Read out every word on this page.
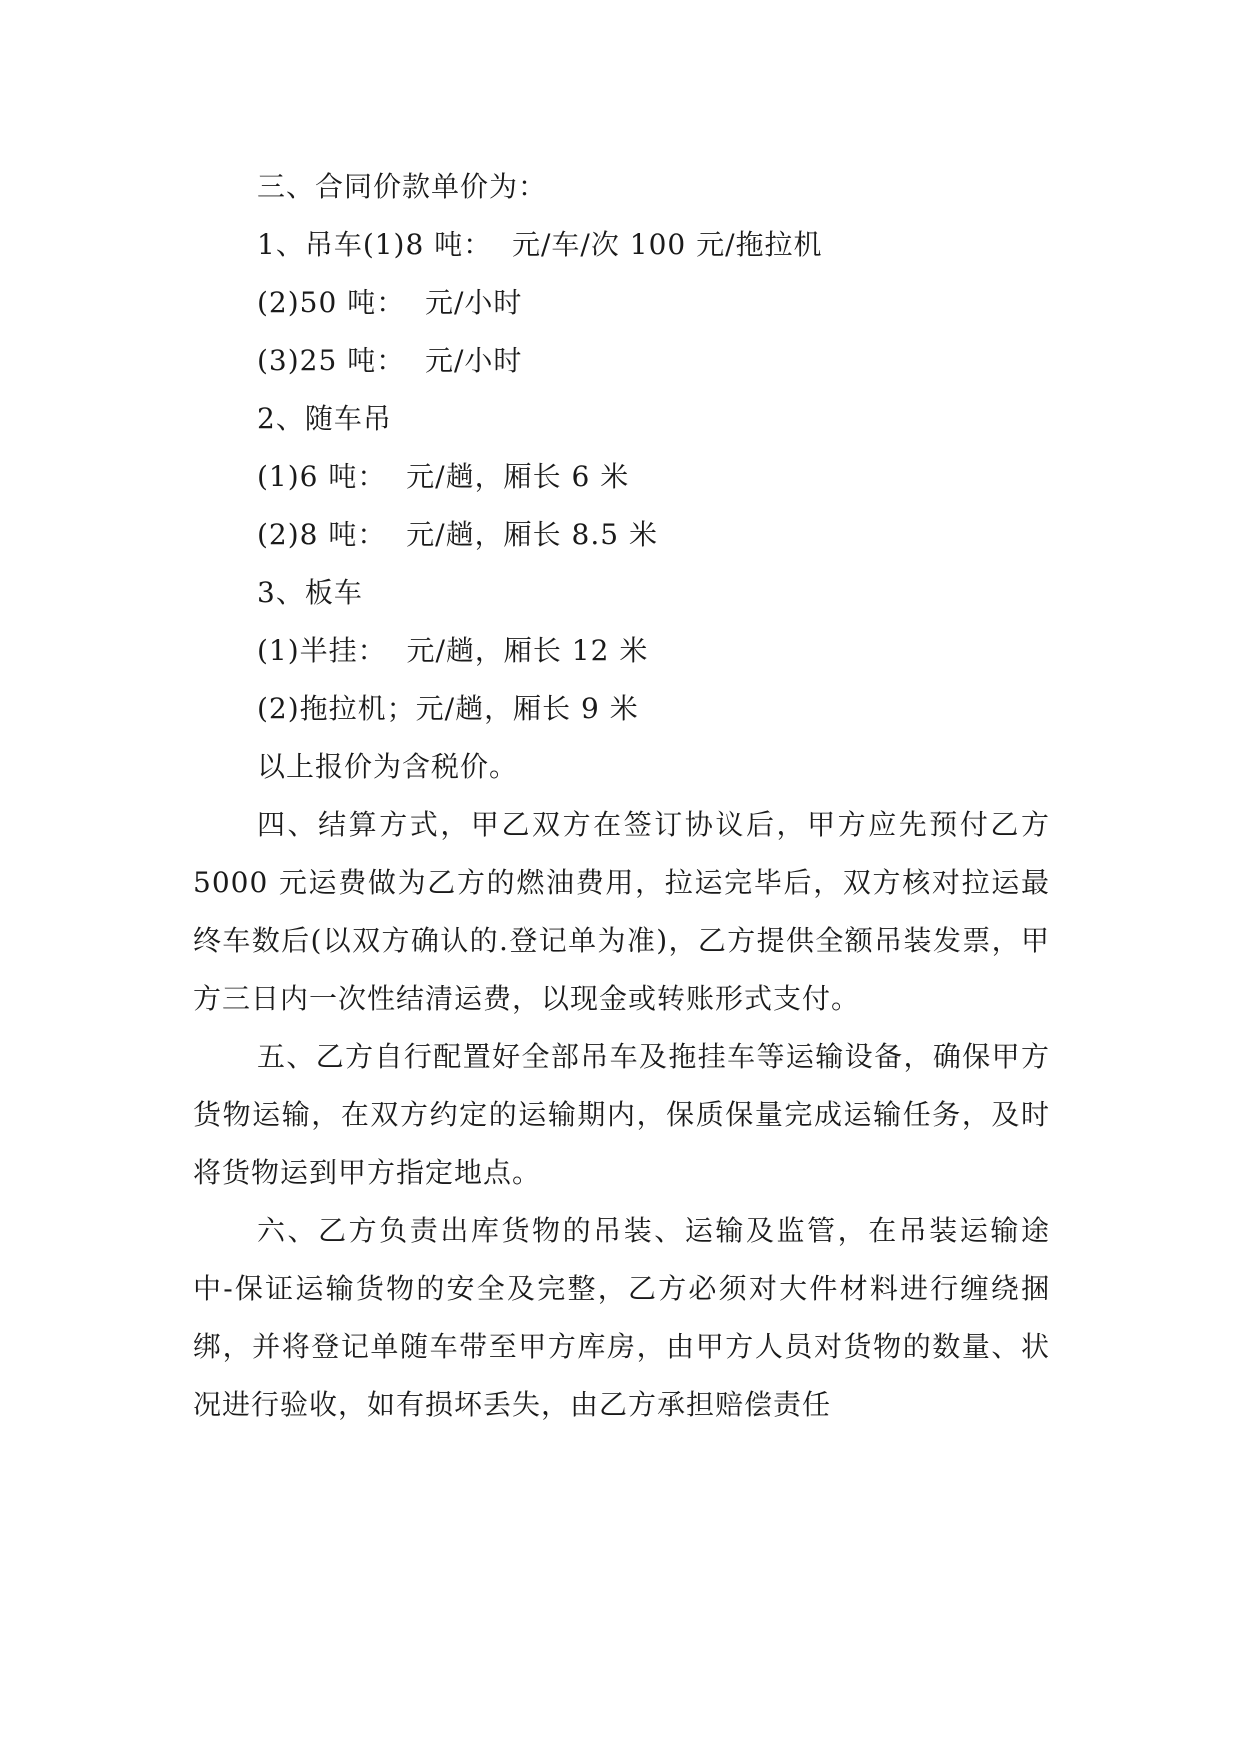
三、合同价款单价为：
1、吊车(1)8 吨：  元/车/次 100 元/拖拉机
(2)50 吨：  元/小时
(3)25 吨：  元/小时
2、随车吊
(1)6 吨：  元/趟，厢长 6 米
(2)8 吨：  元/趟，厢长 8.5 米
3、板车
(1)半挂：  元/趟，厢长 12 米
(2)拖拉机；元/趟，厢长 9 米
以上报价为含税价。

四、结算方式，甲乙双方在签订协议后，甲方应先预付乙方 5000 元运费做为乙方的燃油费用，拉运完毕后，双方核对拉运最终车数后(以双方确认的.登记单为准)，乙方提供全额吊装发票，甲方三日内一次性结清运费，以现金或转账形式支付。

五、乙方自行配置好全部吊车及拖挂车等运输设备，确保甲方货物运输，在双方约定的运输期内，保质保量完成运输任务，及时将货物运到甲方指定地点。

六、乙方负责出库货物的吊装、运输及监管，在吊装运输途中-保证运输货物的安全及完整，乙方必须对大件材料进行缠绕捆绑，并将登记单随车带至甲方库房，由甲方人员对货物的数量、状况进行验收，如有损坏丢失，由乙方承担赔偿责任
